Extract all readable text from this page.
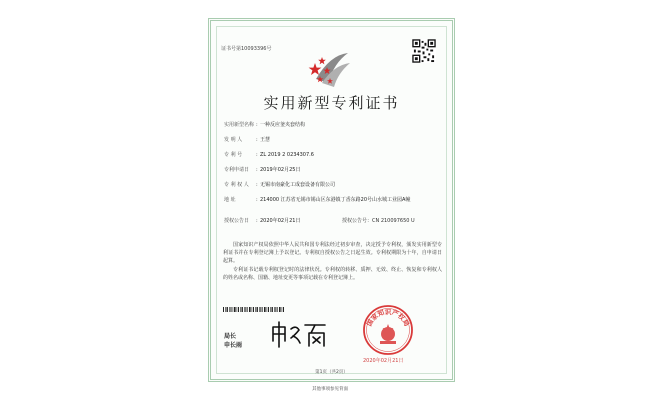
证书号第10093396号
实用新型专利证书
实用新型名称 : 一种反应釜夹套结构
发 明 人	: 王慧
专 利 号	: ZL 2019 2 0234307.6
专利申请日	: 2019年02月25日
专 利 权 人	: 无锡市南豪化工成套设备有限公司
地 址	: 214000 江苏省无锡市锡山区东港镇丁香东路20号山水城工业园A幢
授权公告日	: 2020年02月21日	授权公告号：CN 210097650 U

国家知识产权局依照中华人民共和国专利法经过初步审查，决定授予专利权，颁发实用新型专利证书并在专利登记簿上予以登记。专利权自授权公告之日起生效。专利权期限为十年，自申请日起算。

专利证书记载专利权登记时的法律状况。专利权的转移、质押、无效、终止、恢复和专利权人的姓名或名称、国籍、地址变更等事项记载在专利登记簿上。

局长
申长雨
国家知识产权局
2020年02月21日
第1页（共2页）
其他事项参见背面
